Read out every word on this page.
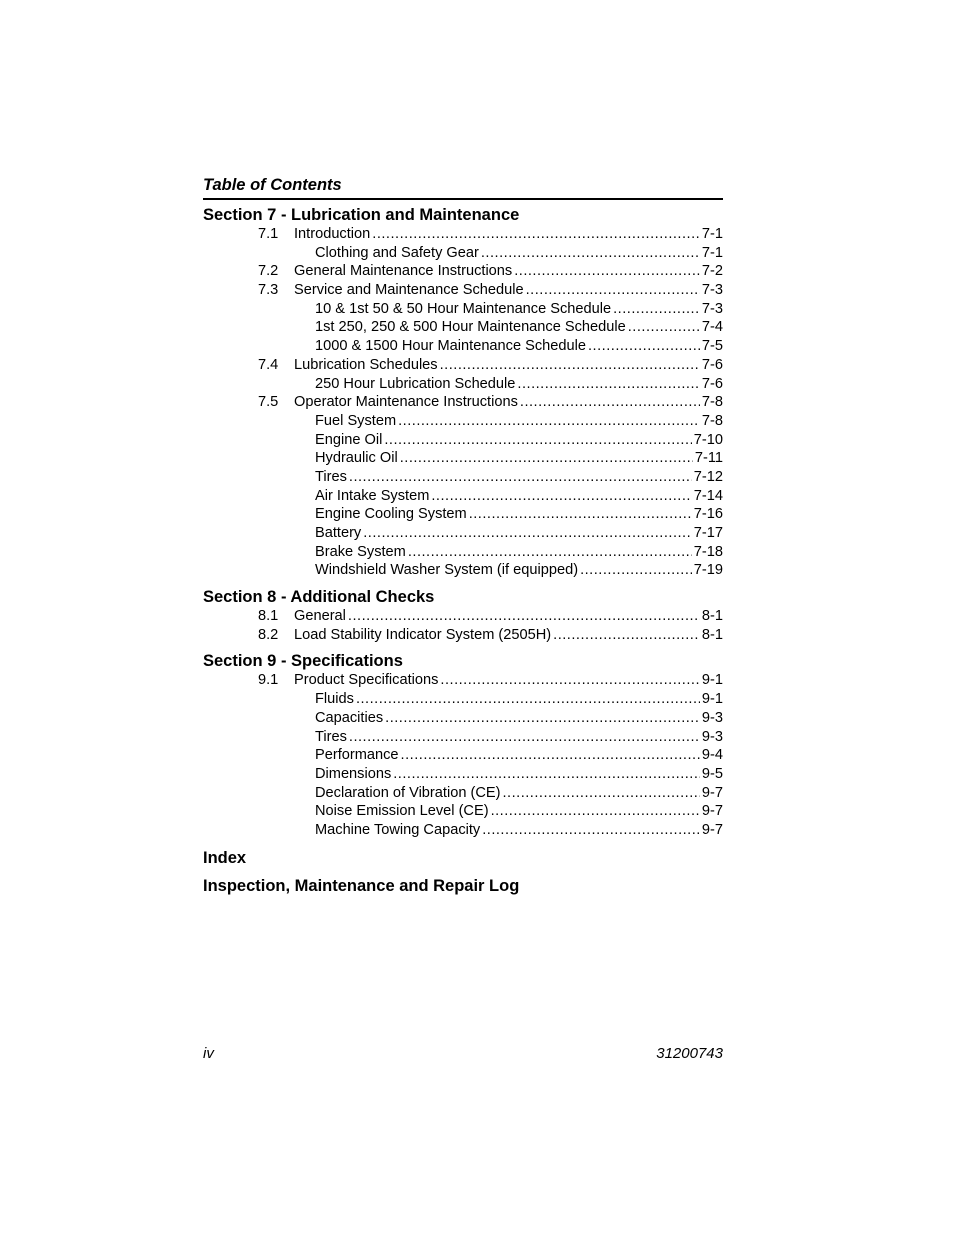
Table of Contents
Section 7 - Lubrication and Maintenance
7.1 Introduction .....	7-1
Clothing and Safety Gear .....	7-1
7.2 General Maintenance Instructions .....	7-2
7.3 Service and Maintenance Schedule .....	7-3
10 & 1st 50 & 50 Hour Maintenance Schedule .....	7-3
1st 250, 250 & 500 Hour Maintenance Schedule .....	7-4
1000 & 1500 Hour Maintenance Schedule .....	7-5
7.4 Lubrication Schedules .....	7-6
250 Hour Lubrication Schedule .....	7-6
7.5 Operator Maintenance Instructions .....	7-8
Fuel System .....	7-8
Engine Oil .....	7-10
Hydraulic Oil .....	7-11
Tires .....	7-12
Air Intake System .....	7-14
Engine Cooling System .....	7-16
Battery .....	7-17
Brake System .....	7-18
Windshield Washer System (if equipped) .....	7-19
Section 8 - Additional Checks
8.1 General .....	8-1
8.2 Load Stability Indicator System (2505H) .....	8-1
Section 9 - Specifications
9.1 Product Specifications .....	9-1
Fluids .....	9-1
Capacities .....	9-3
Tires .....	9-3
Performance .....	9-4
Dimensions .....	9-5
Declaration of Vibration (CE) .....	9-7
Noise Emission Level (CE) .....	9-7
Machine Towing Capacity .....	9-7
Index
Inspection, Maintenance and Repair Log
iv	31200743
